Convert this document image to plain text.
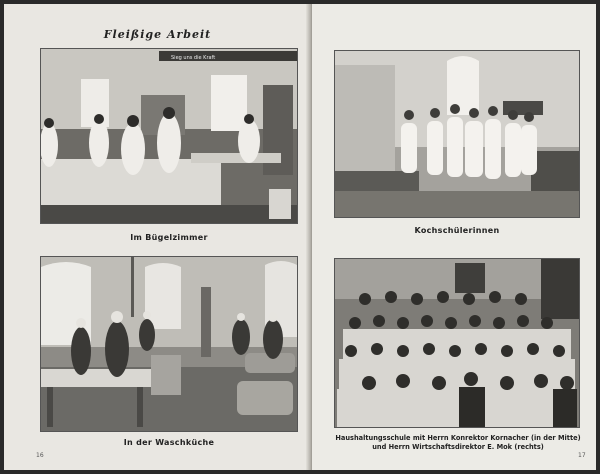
Fleißige Arbeit
Sieg uns die Kraft
Im Bügelzimmer
In der Waschküche
16
Kochschülerinnen
Haushaltungsschule mit Herrn Konrektor Kornacher (in der Mitte)
und Herrn Wirtschaftsdirektor E. Mok (rechts)
17
